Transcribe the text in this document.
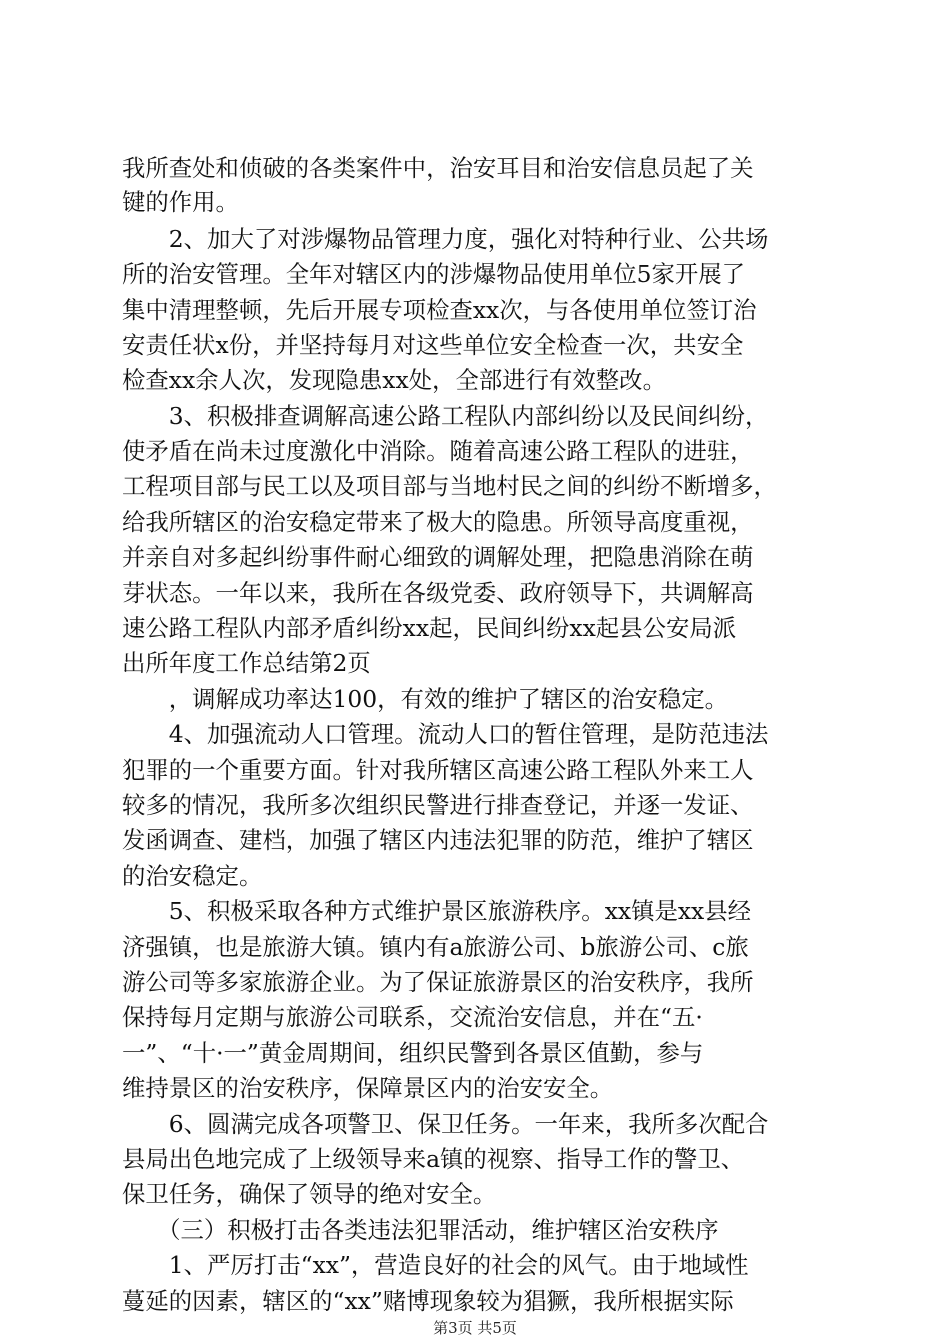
我所查处和侦破的各类案件中，治安耳目和治安信息员起了关
键的作用。
　　2、加大了对涉爆物品管理力度，强化对特种行业、公共场
所的治安管理。全年对辖区内的涉爆物品使用单位5家开展了
集中清理整顿，先后开展专项检查xx次，与各使用单位签订治
安责任状x份，并坚持每月对这些单位安全检查一次，共安全
检查xx余人次，发现隐患xx处，全部进行有效整改。
　　3、积极排查调解高速公路工程队内部纠纷以及民间纠纷，
使矛盾在尚未过度激化中消除。随着高速公路工程队的进驻，
工程项目部与民工以及项目部与当地村民之间的纠纷不断增多，
给我所辖区的治安稳定带来了极大的隐患。所领导高度重视，
并亲自对多起纠纷事件耐心细致的调解处理，把隐患消除在萌
芽状态。一年以来，我所在各级党委、政府领导下，共调解高
速公路工程队内部矛盾纠纷xx起，民间纠纷xx起县公安局派
出所年度工作总结第2页
　　，调解成功率达100，有效的维护了辖区的治安稳定。
　　4、加强流动人口管理。流动人口的暂住管理，是防范违法
犯罪的一个重要方面。针对我所辖区高速公路工程队外来工人
较多的情况，我所多次组织民警进行排查登记，并逐一发证、
发函调查、建档，加强了辖区内违法犯罪的防范，维护了辖区
的治安稳定。
　　5、积极采取各种方式维护景区旅游秩序。xx镇是xx县经
济强镇，也是旅游大镇。镇内有a旅游公司、b旅游公司、c旅
游公司等多家旅游企业。为了保证旅游景区的治安秩序，我所
保持每月定期与旅游公司联系，交流治安信息，并在“五·
一”、“十·一”黄金周期间，组织民警到各景区值勤，参与
维持景区的治安秩序，保障景区内的治安安全。
　　6、圆满完成各项警卫、保卫任务。一年来，我所多次配合
县局出色地完成了上级领导来a镇的视察、指导工作的警卫、
保卫任务，确保了领导的绝对安全。
　　（三）积极打击各类违法犯罪活动，维护辖区治安秩序
　　1、严厉打击“xx”，营造良好的社会的风气。由于地域性
蔓延的因素，辖区的“xx”赌博现象较为猖獗，我所根据实际
第3页 共5页
